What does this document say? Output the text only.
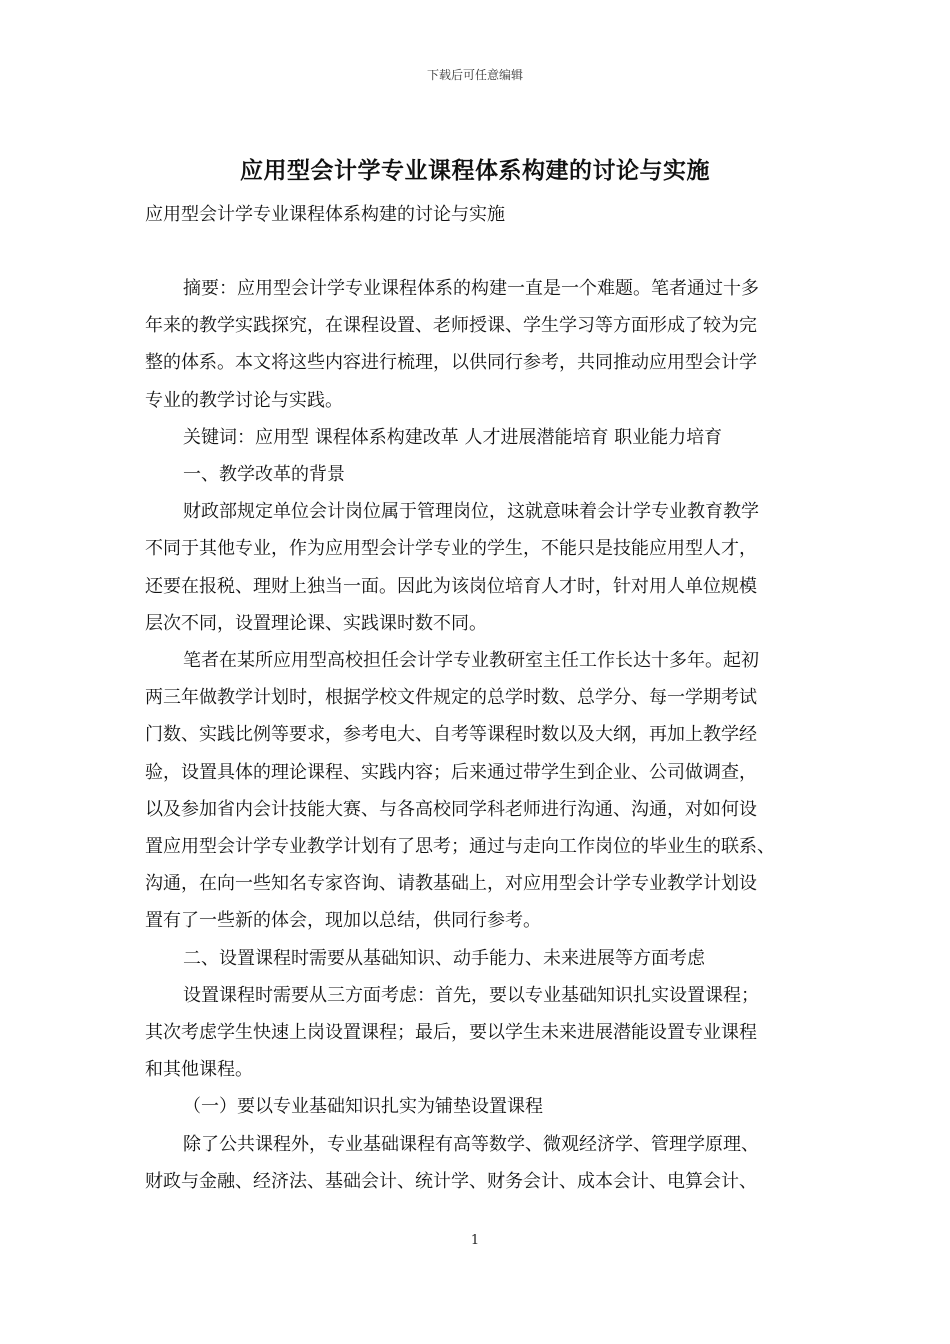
下载后可任意编辑
应用型会计学专业课程体系构建的讨论与实施
应用型会计学专业课程体系构建的讨论与实施

摘要：应用型会计学专业课程体系的构建一直是一个难题。笔者通过十多

年来的教学实践探究，在课程设置、老师授课、学生学习等方面形成了较为完
整的体系。本文将这些内容进行梳理，以供同行参考，共同推动应用型会计学
专业的教学讨论与实践。

关键词：应用型 课程体系构建改革 人才进展潜能培育 职业能力培育

一、教学改革的背景

财政部规定单位会计岗位属于管理岗位，这就意味着会计学专业教育教学

不同于其他专业，作为应用型会计学专业的学生，不能只是技能应用型人才，
还要在报税、理财上独当一面。因此为该岗位培育人才时，针对用人单位规模
层次不同，设置理论课、实践课时数不同。

笔者在某所应用型高校担任会计学专业教研室主任工作长达十多年。起初

两三年做教学计划时，根据学校文件规定的总学时数、总学分、每一学期考试
门数、实践比例等要求，参考电大、自考等课程时数以及大纲，再加上教学经
验，设置具体的理论课程、实践内容；后来通过带学生到企业、公司做调查，
以及参加省内会计技能大赛、与各高校同学科老师进行沟通、沟通，对如何设
置应用型会计学专业教学计划有了思考；通过与走向工作岗位的毕业生的联系、
沟通，在向一些知名专家咨询、请教基础上，对应用型会计学专业教学计划设
置有了一些新的体会，现加以总结，供同行参考。

二、设置课程时需要从基础知识、动手能力、未来进展等方面考虑

设置课程时需要从三方面考虑：首先，要以专业基础知识扎实设置课程；

其次考虑学生快速上岗设置课程；最后，要以学生未来进展潜能设置专业课程
和其他课程。

（一）要以专业基础知识扎实为铺垫设置课程

除了公共课程外，专业基础课程有高等数学、微观经济学、管理学原理、

财政与金融、经济法、基础会计、统计学、财务会计、成本会计、电算会计、

1
